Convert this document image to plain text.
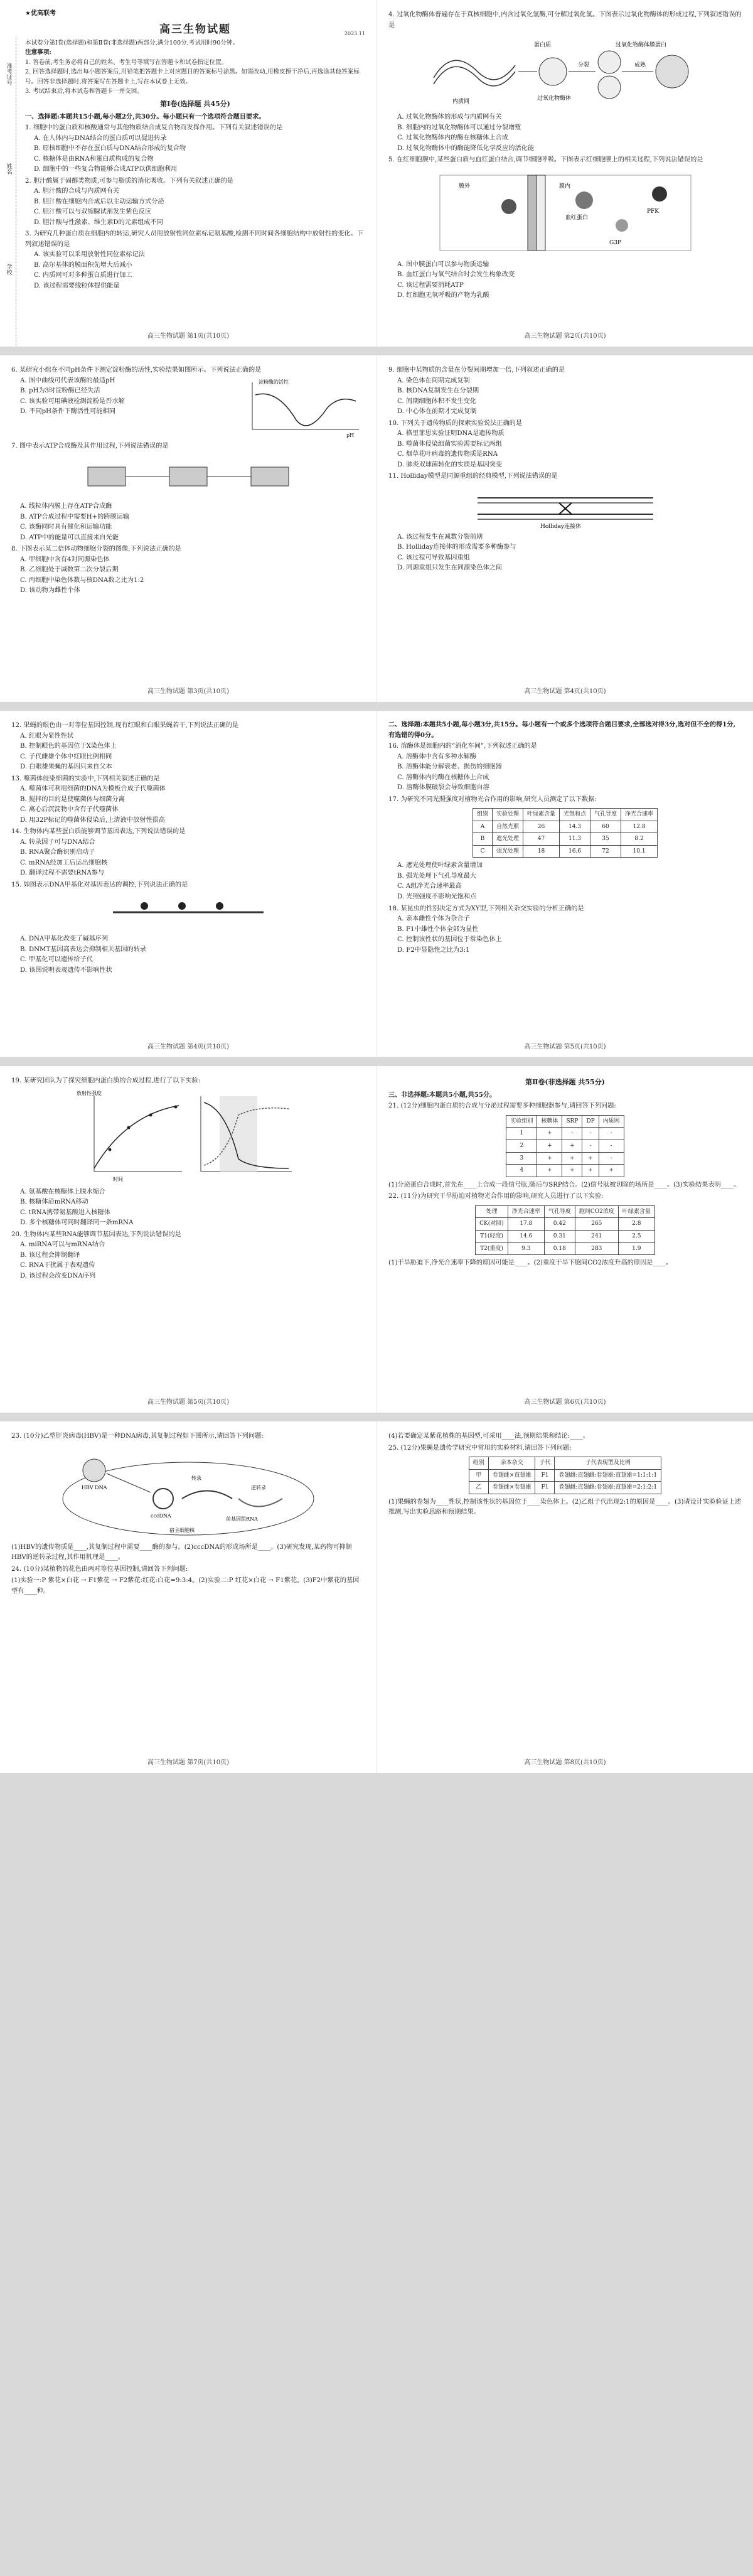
准考证号
姓名
学校
★优高联考
高三生物试题	2023.11
本试卷分第Ⅰ卷(选择题)和第Ⅱ卷(非选择题)两部分,满分100分,考试用时90分钟。
注意事项:
1. 答卷前,考生务必将自己的姓名、考生号等填写在答题卡和试卷指定位置。
2. 回答选择题时,选出每小题答案后,用铅笔把答题卡上对应题目的答案标号涂黑。如需改动,用橡皮擦干净后,再选涂其他答案标号。回答非选择题时,将答案写在答题卡上,写在本试卷上无效。
3. 考试结束后,将本试卷和答题卡一并交回。
第Ⅰ卷(选择题 共45分)
一、选择题:本题共15小题,每小题2分,共30分。每小题只有一个选项符合题目要求。
1. 细胞中的蛋白质和核酸通常与其他物质结合成复合物而发挥作用。下列有关叙述错误的是
A. 在人体内与DNA结合的蛋白质可以促进转录
B. 原核细胞中不存在蛋白质与DNA结合形成的复合物
C. 核糖体是由RNA和蛋白质构成的复合物
D. 细胞中的一些复合物能够合成ATP以供细胞利用
2. 胆汁酸属于固醇类物质,可参与脂质的消化吸收。下列有关叙述正确的是
A. 胆汁酸的合成与内质网有关
B. 胆汁酸在细胞内合成后以主动运输方式分泌
C. 胆汁酸可以与双缩脲试剂发生紫色反应
D. 胆汁酸与性激素、维生素D的元素组成不同
3. 为研究几种蛋白质在细胞内的转运,研究人员用放射性同位素标记氨基酸,检测不同时间各细胞结构中放射性的变化。下列叙述错误的是
A. 该实验可以采用放射性同位素标记法
B. 高尔基体的膜面积先增大后减小
C. 内质网可对多种蛋白质进行加工
D. 该过程需要线粒体提供能量
高三生物试题 第1页(共10页)
4. 过氧化物酶体普遍存在于真核细胞中,内含过氧化氢酶,可分解过氧化氢。下图表示过氧化物酶体的形成过程,下列叙述错误的是
内质网	过氧化物酶体
分裂	成熟
蛋白质	过氧化物酶体膜蛋白
A. 过氧化物酶体的形成与内质网有关
B. 细胞内的过氧化物酶体可以通过分裂增殖
C. 过氧化物酶体内的酶在核糖体上合成
D. 过氧化物酶体中的酶能降低化学反应的活化能
5. 在红细胞膜中,某些蛋白质与血红蛋白结合,调节细胞呼吸。下图表示红细胞膜上的相关过程,下列说法错误的是
膜外	膜内
PFK
G3P
血红蛋白
A. 图中膜蛋白可以参与物质运输
B. 血红蛋白与氧气结合时会发生构象改变
C. 该过程需要消耗ATP
D. 红细胞无氧呼吸的产物为乳酸
高三生物试题 第2页(共10页)
6. 某研究小组在不同pH条件下测定淀粉酶的活性,实验结果如图所示。下列说法正确的是
淀粉酶的活性
pH
A. 图中曲线可代表该酶的最适pH
B. pH为3时淀粉酶已经失活
C. 该实验可用碘液检测淀粉是否水解
D. 不同pH条件下酶活性可能相同
7. 图中表示ATP合成酶及其作用过程,下列说法错误的是
A. 线粒体内膜上存在ATP合成酶
B. ATP合成过程中需要H+的跨膜运输
C. 该酶同时具有催化和运输功能
D. ATP中的能量可以直接来自光能
8. 下图表示某二倍体动物细胞分裂的图像,下列说法正确的是
A. 甲细胞中含有4对同源染色体
B. 乙细胞处于减数第二次分裂后期
C. 丙细胞中染色体数与核DNA数之比为1:2
D. 该动物为雌性个体
高三生物试题 第3页(共10页)
9. 细胞中某物质的含量在分裂间期增加一倍,下列叙述正确的是
A. 染色体在间期完成复制
B. 核DNA复制发生在分裂期
C. 间期细胞体积不发生变化
D. 中心体在前期才完成复制
10. 下列关于遗传物质的探索实验说法正确的是
A. 格里菲思实验证明DNA是遗传物质
B. 噬菌体侵染细菌实验需要标记两组
C. 烟草花叶病毒的遗传物质是RNA
D. 肺炎双球菌转化的实质是基因突变
11. Holliday模型是同源重组的经典模型,下列说法错误的是
Holliday连接体
A. 该过程发生在减数分裂前期
B. Holliday连接体的形成需要多种酶参与
C. 该过程可导致基因重组
D. 同源重组只发生在同源染色体之间
高三生物试题 第4页(共10页)
12. 果蝇的眼色由一对等位基因控制,现有红眼和白眼果蝇若干,下列说法正确的是
A. 红眼为显性性状
B. 控制眼色的基因位于X染色体上
C. 子代雌雄个体中红眼比例相同
D. 白眼雄果蝇的基因只来自父本
13. 噬菌体侵染细菌的实验中,下列相关叙述正确的是
A. 噬菌体可利用细菌的DNA为模板合成子代噬菌体
B. 搅拌的目的是使噬菌体与细菌分离
C. 离心后沉淀物中含有子代噬菌体
D. 用32P标记的噬菌体侵染后,上清液中放射性很高
14. 生物体内某些蛋白质能够调节基因表达,下列说法错误的是
A. 转录因子可与DNA结合
B. RNA聚合酶识别启动子
C. mRNA经加工后运出细胞核
D. 翻译过程不需要tRNA参与
15. 如图表示DNA甲基化对基因表达的调控,下列说法正确的是
A. DNA甲基化改变了碱基序列
B. DNMT基因高表达会抑制相关基因的转录
C. 甲基化可以遗传给子代
D. 该图说明表观遗传不影响性状
高三生物试题 第4页(共10页)
二、选择题:本题共5小题,每小题3分,共15分。每小题有一个或多个选项符合题目要求,全部选对得3分,选对但不全的得1分,有选错的得0分。
16. 溶酶体是细胞内的“消化车间”,下列叙述正确的是
A. 溶酶体中含有多种水解酶
B. 溶酶体能分解衰老、损伤的细胞器
C. 溶酶体内的酶在核糖体上合成
D. 溶酶体膜破裂会导致细胞自溶
17. 为研究不同光照强度对植物光合作用的影响,研究人员测定了以下数据:
组别	实验处理	叶绿素含量	光饱和点	气孔导度	净光合速率
A	自然光照	26	14.3	60	12.8
B	遮光处理	47	11.3	35	8.2
C	强光处理	18	16.6	72	10.1
A. 遮光处理使叶绿素含量增加
B. 强光处理下气孔导度最大
C. A组净光合速率最高
D. 光照强度不影响光饱和点
18. 某昆虫的性别决定方式为XY型,下列相关杂交实验的分析正确的是
A. 亲本雌性个体为杂合子
B. F1中雄性个体全部为显性
C. 控制该性状的基因位于常染色体上
D. F2中显隐性之比为3:1
高三生物试题 第5页(共10页)
19. 某研究团队为了探究细胞内蛋白质的合成过程,进行了以下实验:
时间
放射性强度
A. 氨基酸在核糖体上脱水缩合
B. 核糖体沿mRNA移动
C. tRNA携带氨基酸进入核糖体
D. 多个核糖体可同时翻译同一条mRNA
20. 生物体内某些RNA能够调节基因表达,下列说法错误的是
A. miRNA可以与mRNA结合
B. 该过程会抑制翻译
C. RNA干扰属于表观遗传
D. 该过程会改变DNA序列
高三生物试题 第5页(共10页)
第Ⅱ卷(非选择题 共55分)
三、非选择题:本题共5小题,共55分。
21. (12分)细胞内蛋白质的合成与分泌过程需要多种细胞器参与,请回答下列问题:
实验组别	核糖体	SRP	DP	内质网
1	+	-	-	-
2	+	+	-	-
3	+	+	+	-
4	+	+	+	+
(1)分泌蛋白合成时,首先在____上合成一段信号肽,随后与SRP结合。(2)信号肽被切除的场所是____。(3)实验结果表明____。
22. (11分)为研究干旱胁迫对植物光合作用的影响,研究人员进行了以下实验:
处理	净光合速率	气孔导度	胞间CO2浓度	叶绿素含量
CK(对照)	17.8	0.42	265	2.8
T1(轻度)	14.6	0.31	241	2.5
T2(重度)	9.3	0.18	283	1.9
(1)干旱胁迫下,净光合速率下降的原因可能是____。(2)重度干旱下胞间CO2浓度升高的原因是____。
高三生物试题 第6页(共10页)
23. (10分)乙型肝炎病毒(HBV)是一种DNA病毒,其复制过程如下图所示,请回答下列问题:
HBV DNA
转录
前基因组RNA
逆转录
cccDNA
宿主细胞核
(1)HBV的遗传物质是____,其复制过程中需要____酶的参与。(2)cccDNA的形成场所是____。(3)研究发现,某药物可抑制HBV的逆转录过程,其作用机理是____。
24. (10分)某植物的花色由两对等位基因控制,请回答下列问题:
(1)实验一:P 紫花×白花 → F1紫花 → F2紫花:红花:白花=9:3:4。(2)实验二:P 红花×白花 → F1紫花。(3)F2中紫花的基因型有____种。
高三生物试题 第7页(共10页)
(4)若要确定某紫花植株的基因型,可采用____法,预期结果和结论:____。
25. (12分)果蝇是遗传学研究中常用的实验材料,请回答下列问题:
组别	亲本杂交	子代	子代表现型及比例
甲	卷翅雌×直翅雄	F1	卷翅雌:直翅雌:卷翅雄:直翅雄=1:1:1:1
乙	卷翅雌×卷翅雄	F1	卷翅雌:直翅雌:卷翅雄:直翅雄=2:1:2:1
(1)果蝇的卷翅为____性状,控制该性状的基因位于____染色体上。(2)乙组子代出现2:1的原因是____。(3)请设计实验验证上述推测,写出实验思路和预期结果。
高三生物试题 第8页(共10页)
